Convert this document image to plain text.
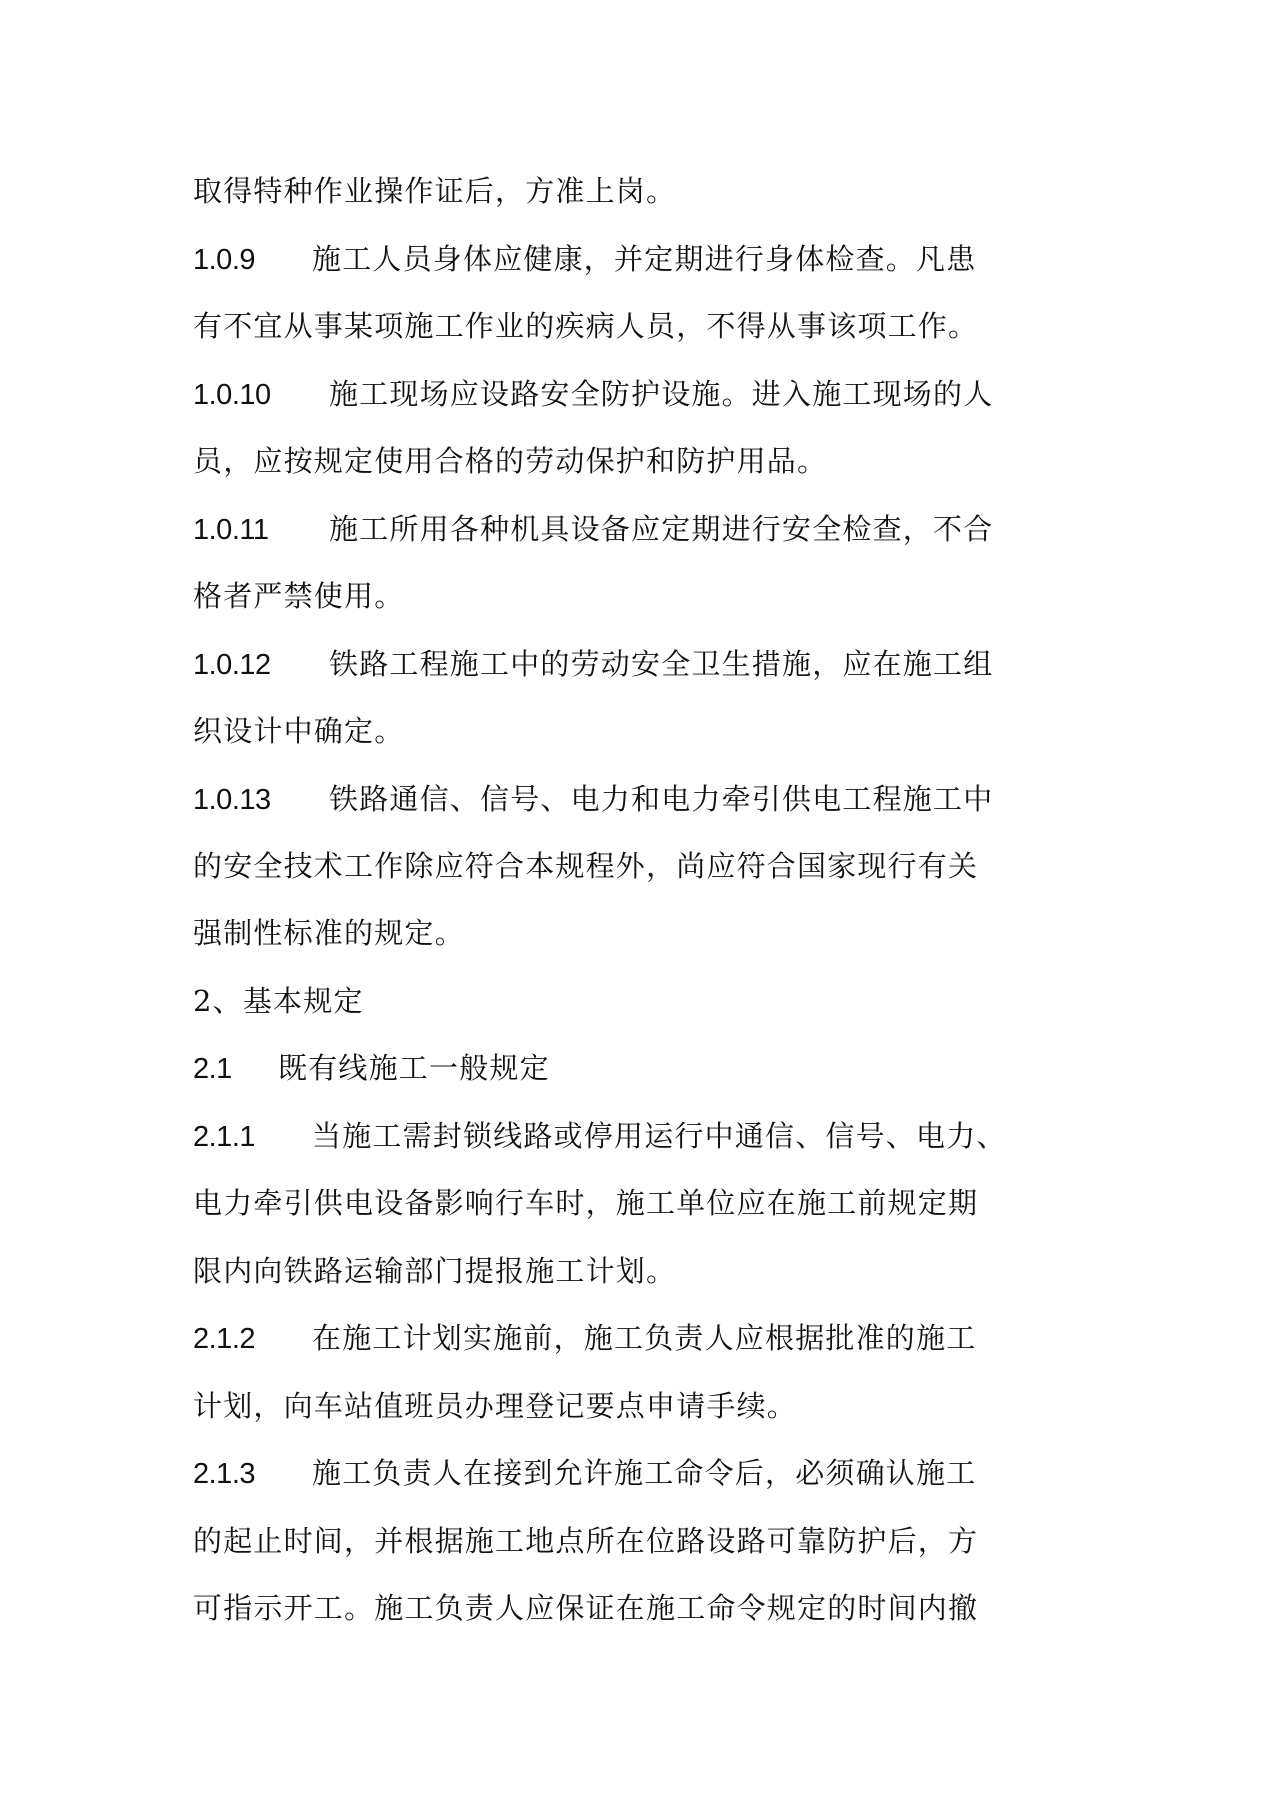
取得特种作业操作证后，方准上岗。
1.0.9 施工人员身体应健康，并定期进行身体检查。凡患
有不宜从事某项施工作业的疾病人员，不得从事该项工作。
1.0.10 施工现场应设路安全防护设施。进入施工现场的人
员，应按规定使用合格的劳动保护和防护用品。
1.0.11 施工所用各种机具设备应定期进行安全检查，不合
格者严禁使用。
1.0.12 铁路工程施工中的劳动安全卫生措施，应在施工组
织设计中确定。
1.0.13 铁路通信、信号、电力和电力牵引供电工程施工中
的安全技术工作除应符合本规程外，尚应符合国家现行有关
强制性标准的规定。
2、基本规定
2.1 既有线施工一般规定
2.1.1 当施工需封锁线路或停用运行中通信、信号、电力、
电力牵引供电设备影响行车时，施工单位应在施工前规定期
限内向铁路运输部门提报施工计划。
2.1.2 在施工计划实施前，施工负责人应根据批准的施工
计划，向车站值班员办理登记要点申请手续。
2.1.3 施工负责人在接到允许施工命令后，必须确认施工
的起止时间，并根据施工地点所在位路设路可靠防护后，方
可指示开工。施工负责人应保证在施工命令规定的时间内撤
